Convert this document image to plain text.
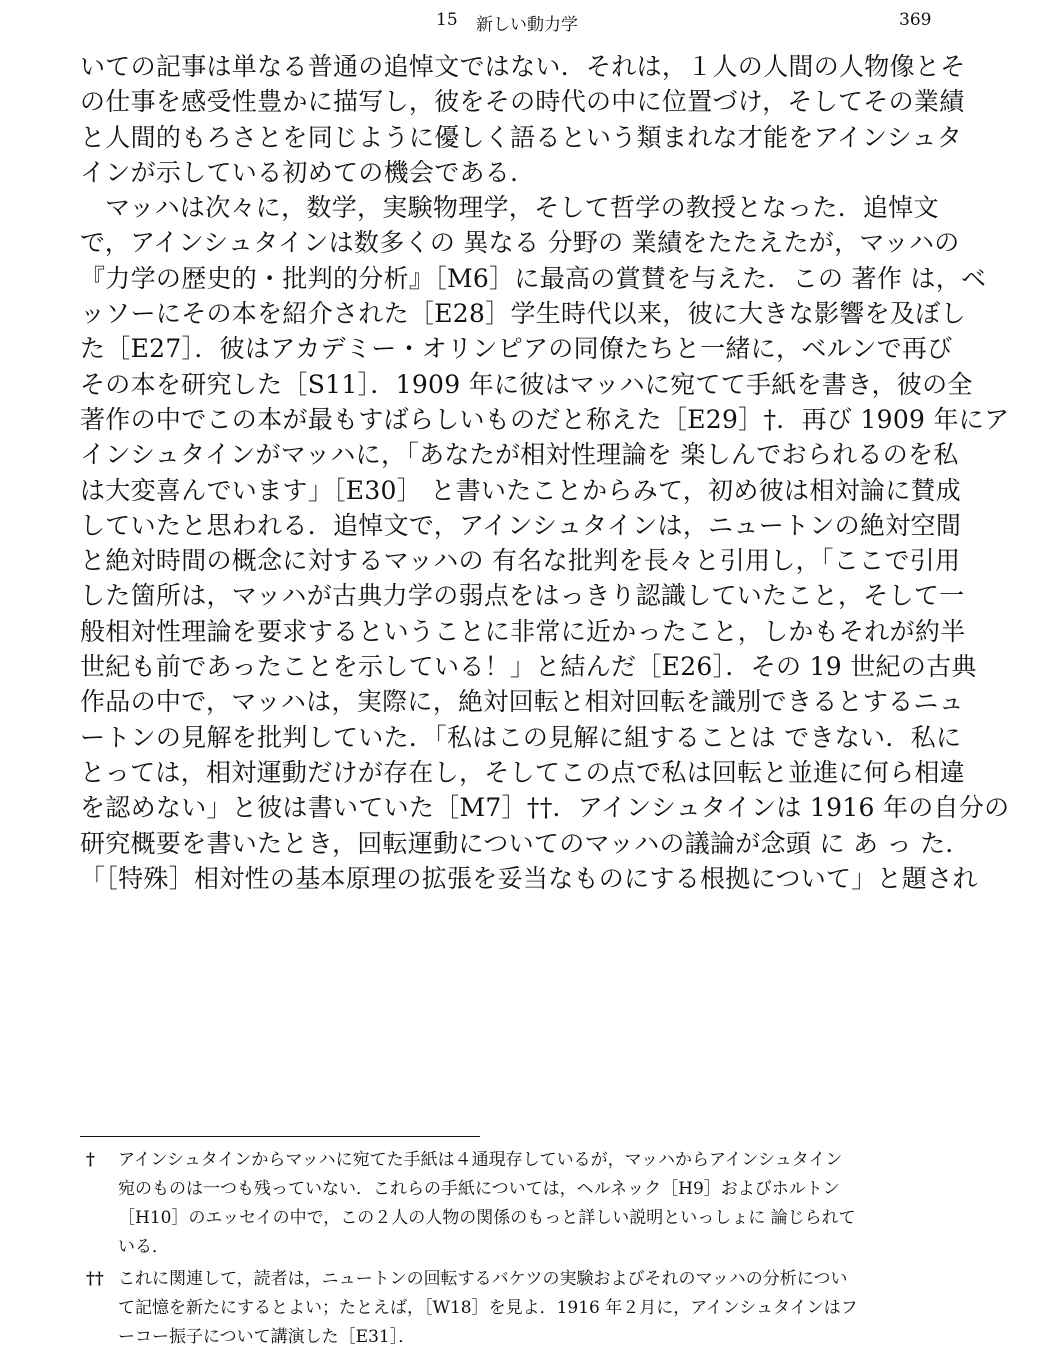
15 新しい動力学	369
いての記事は単なる普通の追悼文ではない．それは，１人の人間の人物像とそ
の仕事を感受性豊かに描写し，彼をその時代の中に位置づけ，そしてその業績
と人間的もろさとを同じように優しく語るという類まれな才能をアインシュタ
インが示している初めての機会である．
マッハは次々に，数学，実験物理学，そして哲学の教授となった．追悼文
で，アインシュタインは数多くの 異なる 分野の 業績をたたえたが，マッハの
『力学の歴史的・批判的分析』［M6］に最高の賞賛を与えた．この 著作 は，ベ
ッソーにその本を紹介された［E28］学生時代以来，彼に大きな影響を及ぼし
た［E27］．彼はアカデミー・オリンピアの同僚たちと一緒に，ベルンで再び
その本を研究した［S11］．1909 年に彼はマッハに宛てて手紙を書き，彼の全
著作の中でこの本が最もすばらしいものだと称えた［E29］†．再び 1909 年にア
インシュタインがマッハに，「あなたが相対性理論を 楽しんでおられるのを私
は大変喜んでいます」［E30］ と書いたことからみて，初め彼は相対論に賛成
していたと思われる．追悼文で，アインシュタインは，ニュートンの絶対空間
と絶対時間の概念に対するマッハの 有名な批判を長々と引用し，「ここで引用
した箇所は，マッハが古典力学の弱点をはっきり認識していたこと，そして一
般相対性理論を要求するということに非常に近かったこと，しかもそれが約半
世紀も前であったことを示している！」と結んだ［E26］．その 19 世紀の古典
作品の中で，マッハは，実際に，絶対回転と相対回転を識別できるとするニュ
ートンの見解を批判していた．「私はこの見解に組することは できない．私に
とっては，相対運動だけが存在し，そしてこの点で私は回転と並進に何ら相違
を認めない」と彼は書いていた［M7］††．アインシュタインは 1916 年の自分の
研究概要を書いたとき，回転運動についてのマッハの議論が念頭 に あ っ た．
「［特殊］相対性の基本原理の拡張を妥当なものにする根拠について」と題され
† アインシュタインからマッハに宛てた手紙は４通現存しているが，マッハからアインシュタイン
宛のものは一つも残っていない．これらの手紙については，ヘルネック［H9］およびホルトン
［H10］のエッセイの中で，この２人の人物の関係のもっと詳しい説明といっしょに 論じられて
いる．
†† これに関連して，読者は，ニュートンの回転するバケツの実験およびそれのマッハの分析につい
て記憶を新たにするとよい；たとえば，［W18］を見よ．1916 年２月に，アインシュタインはフ
ーコー振子について講演した［E31］．
